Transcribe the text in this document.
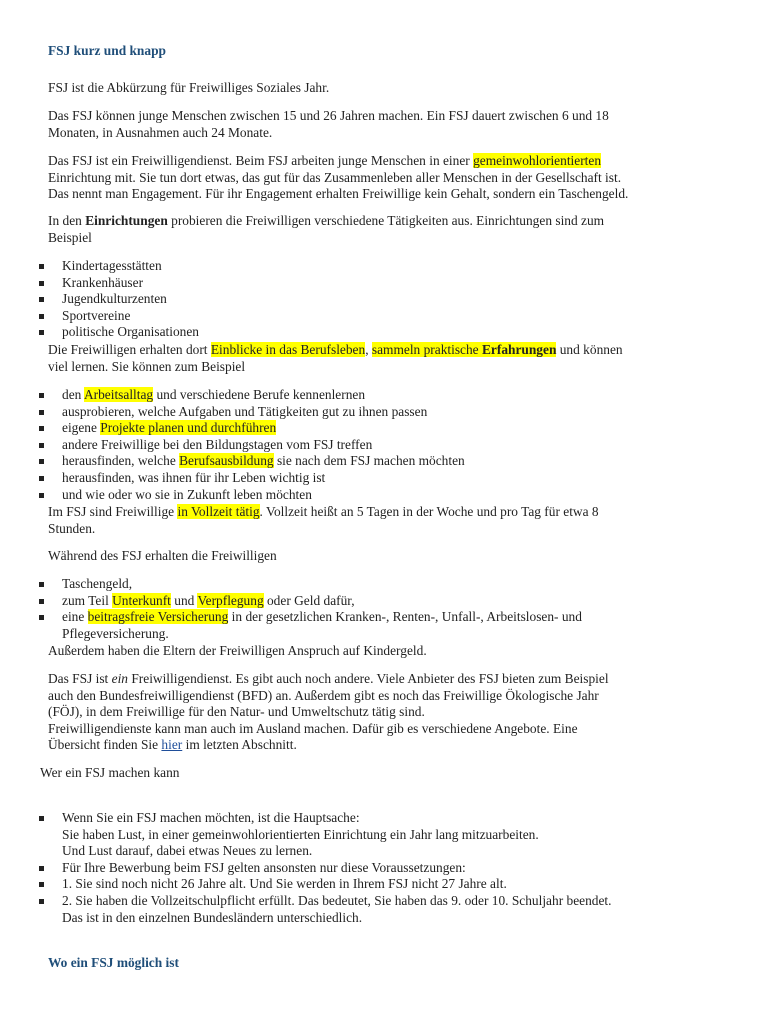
FSJ kurz und knapp

FSJ ist die Abkürzung für Freiwilliges Soziales Jahr.

Das FSJ können junge Menschen zwischen 15 und 26 Jahren machen. Ein FSJ dauert zwischen 6 und 18
Monaten, in Ausnahmen auch 24 Monate.

Das FSJ ist ein Freiwilligendienst. Beim FSJ arbeiten junge Menschen in einer gemeinwohlorientierten
Einrichtung mit. Sie tun dort etwas, das gut für das Zusammenleben aller Menschen in der Gesellschaft ist.
Das nennt man Engagement. Für ihr Engagement erhalten Freiwillige kein Gehalt, sondern ein Taschengeld.

In den Einrichtungen probieren die Freiwilligen verschiedene Tätigkeiten aus. Einrichtungen sind zum
Beispiel

Kindertagesstätten
Krankenhäuser
Jugendkulturzenten
Sportvereine
politische Organisationen

Die Freiwilligen erhalten dort Einblicke in das Berufsleben, sammeln praktische Erfahrungen und können
viel lernen. Sie können zum Beispiel

den Arbeitsalltag und verschiedene Berufe kennenlernen
ausprobieren, welche Aufgaben und Tätigkeiten gut zu ihnen passen
eigene Projekte planen und durchführen
andere Freiwillige bei den Bildungstagen vom FSJ treffen
herausfinden, welche Berufsausbildung sie nach dem FSJ machen möchten
herausfinden, was ihnen für ihr Leben wichtig ist
und wie oder wo sie in Zukunft leben möchten

Im FSJ sind Freiwillige in Vollzeit tätig. Vollzeit heißt an 5 Tagen in der Woche und pro Tag für etwa 8
Stunden.

Während des FSJ erhalten die Freiwilligen

Taschengeld,
zum Teil Unterkunft und Verpflegung oder Geld dafür,
eine beitragsfreie Versicherung in der gesetzlichen Kranken-, Renten-, Unfall-, Arbeitslosen- und
Pflegeversicherung.

Außerdem haben die Eltern der Freiwilligen Anspruch auf Kindergeld.

Das FSJ ist ein Freiwilligendienst. Es gibt auch noch andere. Viele Anbieter des FSJ bieten zum Beispiel
auch den Bundesfreiwilligendienst (BFD) an. Außerdem gibt es noch das Freiwillige Ökologische Jahr
(FÖJ), in dem Freiwillige für den Natur- und Umweltschutz tätig sind.
Freiwilligendienste kann man auch im Ausland machen. Dafür gib es verschiedene Angebote. Eine
Übersicht finden Sie hier im letzten Abschnitt.

Wer ein FSJ machen kann

Wenn Sie ein FSJ machen möchten, ist die Hauptsache:
Sie haben Lust, in einer gemeinwohlorientierten Einrichtung ein Jahr lang mitzuarbeiten.
Und Lust darauf, dabei etwas Neues zu lernen.
Für Ihre Bewerbung beim FSJ gelten ansonsten nur diese Voraussetzungen:
1. Sie sind noch nicht 26 Jahre alt. Und Sie werden in Ihrem FSJ nicht 27 Jahre alt.
2. Sie haben die Vollzeitschulpflicht erfüllt. Das bedeutet, Sie haben das 9. oder 10. Schuljahr beendet.
Das ist in den einzelnen Bundesländern unterschiedlich.
Wo ein FSJ möglich ist
